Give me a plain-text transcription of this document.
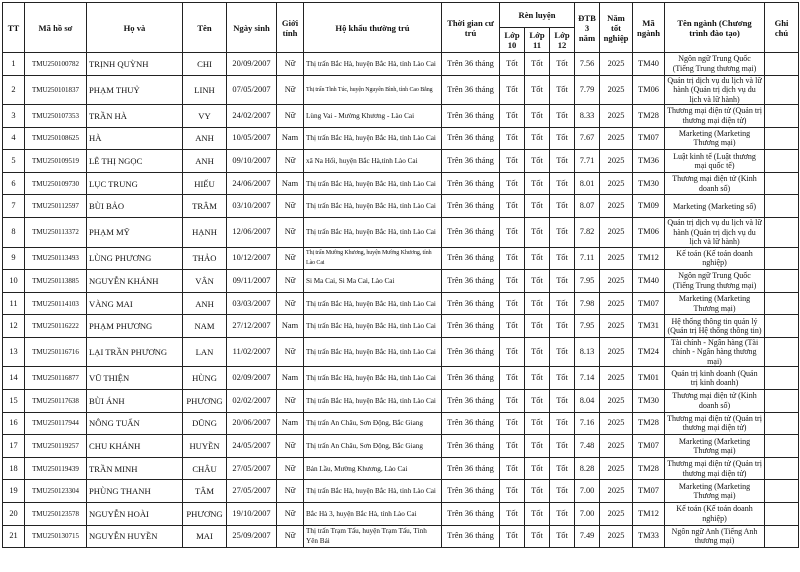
TT	Mã hồ sơ	Họ và	Tên	Ngày sinh	Giới tính	Hộ khẩu thường trú	Thời gian cư trú	Rèn luyện			ĐTB 3 năm	Năm tốt nghiệp	Mã ngành	Tên ngành (Chương trình đào tạo)	Ghi chú
								Lớp 10	Lớp 11	Lớp 12					
1	TMU250100782	TRỊNH QUỲNH	CHI	20/09/2007	Nữ	Thị trấn Bắc Hà, huyện Bắc Hà, tỉnh Lào Cai	Trên 36 tháng	Tốt	Tốt	Tốt	7.56	2025	TM40	Ngôn ngữ Trung Quốc (Tiếng Trung thương mại)	
2	TMU250101837	PHẠM THUỶ	LINH	07/05/2007	Nữ	Thị trấn Tĩnh Túc, huyện Nguyên Bình, tỉnh Cao Bằng	Trên 36 tháng	Tốt	Tốt	Tốt	7.79	2025	TM06	Quản trị dịch vụ du lịch và lữ hành (Quản trị dịch vụ du lịch và lữ hành)	
3	TMU250107353	TRẦN HÀ	VY	24/02/2007	Nữ	Lùng Vai - Mường Khương - Lào Cai	Trên 36 tháng	Tốt	Tốt	Tốt	8.33	2025	TM28	Thương mại điện tử (Quản trị thương mại điện tử)	
4	TMU250108625	HÀ	ANH	10/05/2007	Nam	Thị trấn Bắc Hà, huyện Bắc Hà, tỉnh Lào Cai	Trên 36 tháng	Tốt	Tốt	Tốt	7.67	2025	TM07	Marketing (Marketing Thương mại)	
5	TMU250109519	LÊ THỊ NGỌC	ANH	09/10/2007	Nữ	xã Na Hối, huyện Bắc Hà,tỉnh Lào Cai	Trên 36 tháng	Tốt	Tốt	Tốt	7.71	2025	TM36	Luật kinh tế (Luật thương mại quốc tế)	
6	TMU250109730	LỤC TRUNG	HIẾU	24/06/2007	Nam	Thị trấn Bắc Hà, huyện Bắc Hà, tỉnh Lào Cai	Trên 36 tháng	Tốt	Tốt	Tốt	8.01	2025	TM30	Thương mại điện tử (Kinh doanh số)	
7	TMU250112597	BÙI BẢO	TRÂM	03/10/2007	Nữ	Thị trấn Bắc Hà, huyện Bắc Hà, tỉnh Lào Cai	Trên 36 tháng	Tốt	Tốt	Tốt	8.07	2025	TM09	Marketing (Marketing số)	
8	TMU250113372	PHẠM MỸ	HẠNH	12/06/2007	Nữ	Thị trấn Bắc Hà, huyện Bắc Hà, tỉnh Lào Cai	Trên 36 tháng	Tốt	Tốt	Tốt	7.82	2025	TM06	Quản trị dịch vụ du lịch và lữ hành (Quản trị dịch vụ du lịch và lữ hành)	
9	TMU250113493	LÙNG PHƯƠNG	THẢO	10/12/2007	Nữ	Thị trấn Mường Khương, huyện Mường Khương, tỉnh Lào Cai	Trên 36 tháng	Tốt	Tốt	Tốt	7.11	2025	TM12	Kế toán (Kế toán doanh nghiệp)	
10	TMU250113885	NGUYỄN KHÁNH	VÂN	09/11/2007	Nữ	Si Ma Cai, Si Ma Cai, Lào Cai	Trên 36 tháng	Tốt	Tốt	Tốt	7.95	2025	TM40	Ngôn ngữ Trung Quốc (Tiếng Trung thương mại)	
11	TMU250114103	VÀNG MAI	ANH	03/03/2007	Nữ	Thị trấn Bắc Hà, huyện Bắc Hà, tỉnh Lào Cai	Trên 36 tháng	Tốt	Tốt	Tốt	7.98	2025	TM07	Marketing (Marketing Thương mại)	
12	TMU250116222	PHẠM PHƯƠNG	NAM	27/12/2007	Nam	Thị trấn Bắc Hà, huyện Bắc Hà, tỉnh Lào Cai	Trên 36 tháng	Tốt	Tốt	Tốt	7.95	2025	TM31	Hệ thống thông tin quản lý (Quản trị Hệ thống thông tin)	
13	TMU250116716	LẠI TRẦN PHƯƠNG	LAN	11/02/2007	Nữ	Thị trấn Bắc Hà, huyện Bắc Hà, tỉnh Lào Cai	Trên 36 tháng	Tốt	Tốt	Tốt	8.13	2025	TM24	Tài chính - Ngân hàng (Tài chính - Ngân hàng thương mại)	
14	TMU250116877	VŨ THIỆN	HÙNG	02/09/2007	Nam	Thị trấn Bắc Hà, huyện Bắc Hà, tỉnh Lào Cai	Trên 36 tháng	Tốt	Tốt	Tốt	7.14	2025	TM01	Quản trị kinh doanh (Quản trị kinh doanh)	
15	TMU250117638	BÙI ÁNH	PHƯƠNG	02/02/2007	Nữ	Thị trấn Bắc Hà, huyện Bắc Hà, tỉnh Lào Cai	Trên 36 tháng	Tốt	Tốt	Tốt	8.04	2025	TM30	Thương mại điện tử (Kinh doanh số)	
16	TMU250117944	NÔNG TUẤN	DŨNG	20/06/2007	Nam	Thị trấn An Châu, Sơn Động, Bắc Giang	Trên 36 tháng	Tốt	Tốt	Tốt	7.16	2025	TM28	Thương mại điện tử (Quản trị thương mại điện tử)	
17	TMU250119257	CHU KHÁNH	HUYỀN	24/05/2007	Nữ	Thị trấn An Châu, Sơn Động, Bắc Giang	Trên 36 tháng	Tốt	Tốt	Tốt	7.48	2025	TM07	Marketing (Marketing Thương mại)	
18	TMU250119439	TRẦN MINH	CHÂU	27/05/2007	Nữ	Bản Lầu, Mường Khương, Lào Cai	Trên 36 tháng	Tốt	Tốt	Tốt	8.28	2025	TM28	Thương mại điện tử (Quản trị thương mại điện tử)	
19	TMU250123304	PHÙNG THANH	TÂM	27/05/2007	Nữ	Thị trấn Bắc Hà, huyện Bắc Hà, tỉnh Lào Cai	Trên 36 tháng	Tốt	Tốt	Tốt	7.00	2025	TM07	Marketing (Marketing Thương mại)	
20	TMU250123578	NGUYỄN HOÀI	PHƯƠNG	19/10/2007	Nữ	Bắc Hà 3, huyện Bắc Hà, tỉnh Lào Cai	Trên 36 tháng	Tốt	Tốt	Tốt	7.00	2025	TM12	Kế toán (Kế toán doanh nghiệp)	
21	TMU250130715	NGUYỄN HUYỀN	MAI	25/09/2007	Nữ	Thị trấn Trạm Tấu, huyện Trạm Tấu, Tỉnh Yên Bái	Trên 36 tháng	Tốt	Tốt	Tốt	7.49	2025	TM33	Ngôn ngữ Anh (Tiếng Anh thương mại)	
